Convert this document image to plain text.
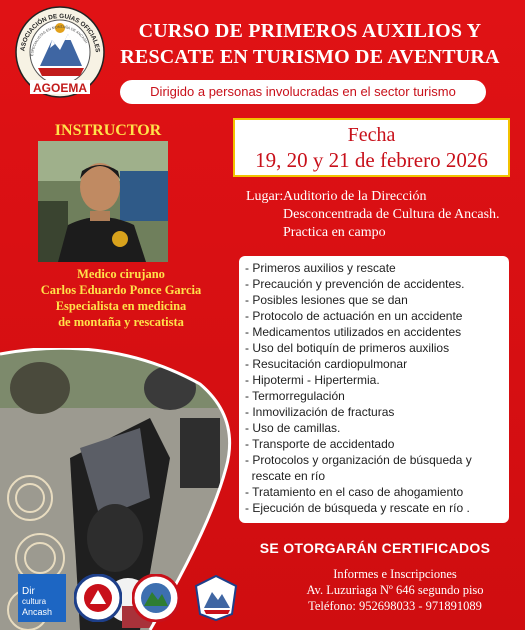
AGOEMA
ASOCIACIÓN DE GUÍAS OFICIALES
ESPECIALISTAS EN MONTAÑA DE ANCASH	CURSO DE PRIMEROS AUXILIOS Y
RESCATE EN TURISMO DE AVENTURA
Dirigido a personas involucradas en el sector turismo
INSTRUCTOR
Medico cirujano
Carlos Eduardo Ponce Garcia
Especialista en medicina
de montaña y rescatista
Fecha
19, 20 y 21 de febrero 2026
Lugar: Auditorio de la Dirección
Desconcentrada de Cultura de Ancash.
Practica en campo
- Primeros auxilios y rescate
- Precaución y prevención de accidentes.
- Posibles lesiones que se dan
- Protocolo de actuación en un accidente
- Medicamentos utilizados en accidentes
- Uso del botiquín de primeros auxilios
- Resucitación cardiopulmonar
- Hipotermi - Hipertermia.
- Termorregulación
- Inmovilización de fracturas
- Uso de camillas.
- Transporte de accidentado
- Protocolos y organización de búsqueda y
rescate en río
- Tratamiento en el caso de ahogamiento
- Ejecución de búsqueda y rescate en río .
SE OTORGARÁN CERTIFICADOS
Informes e Inscripciones
Av. Luzuriaga Nº 646 segundo piso
Teléfono: 952698033 - 971891089
Dir
cultura
Ancash
